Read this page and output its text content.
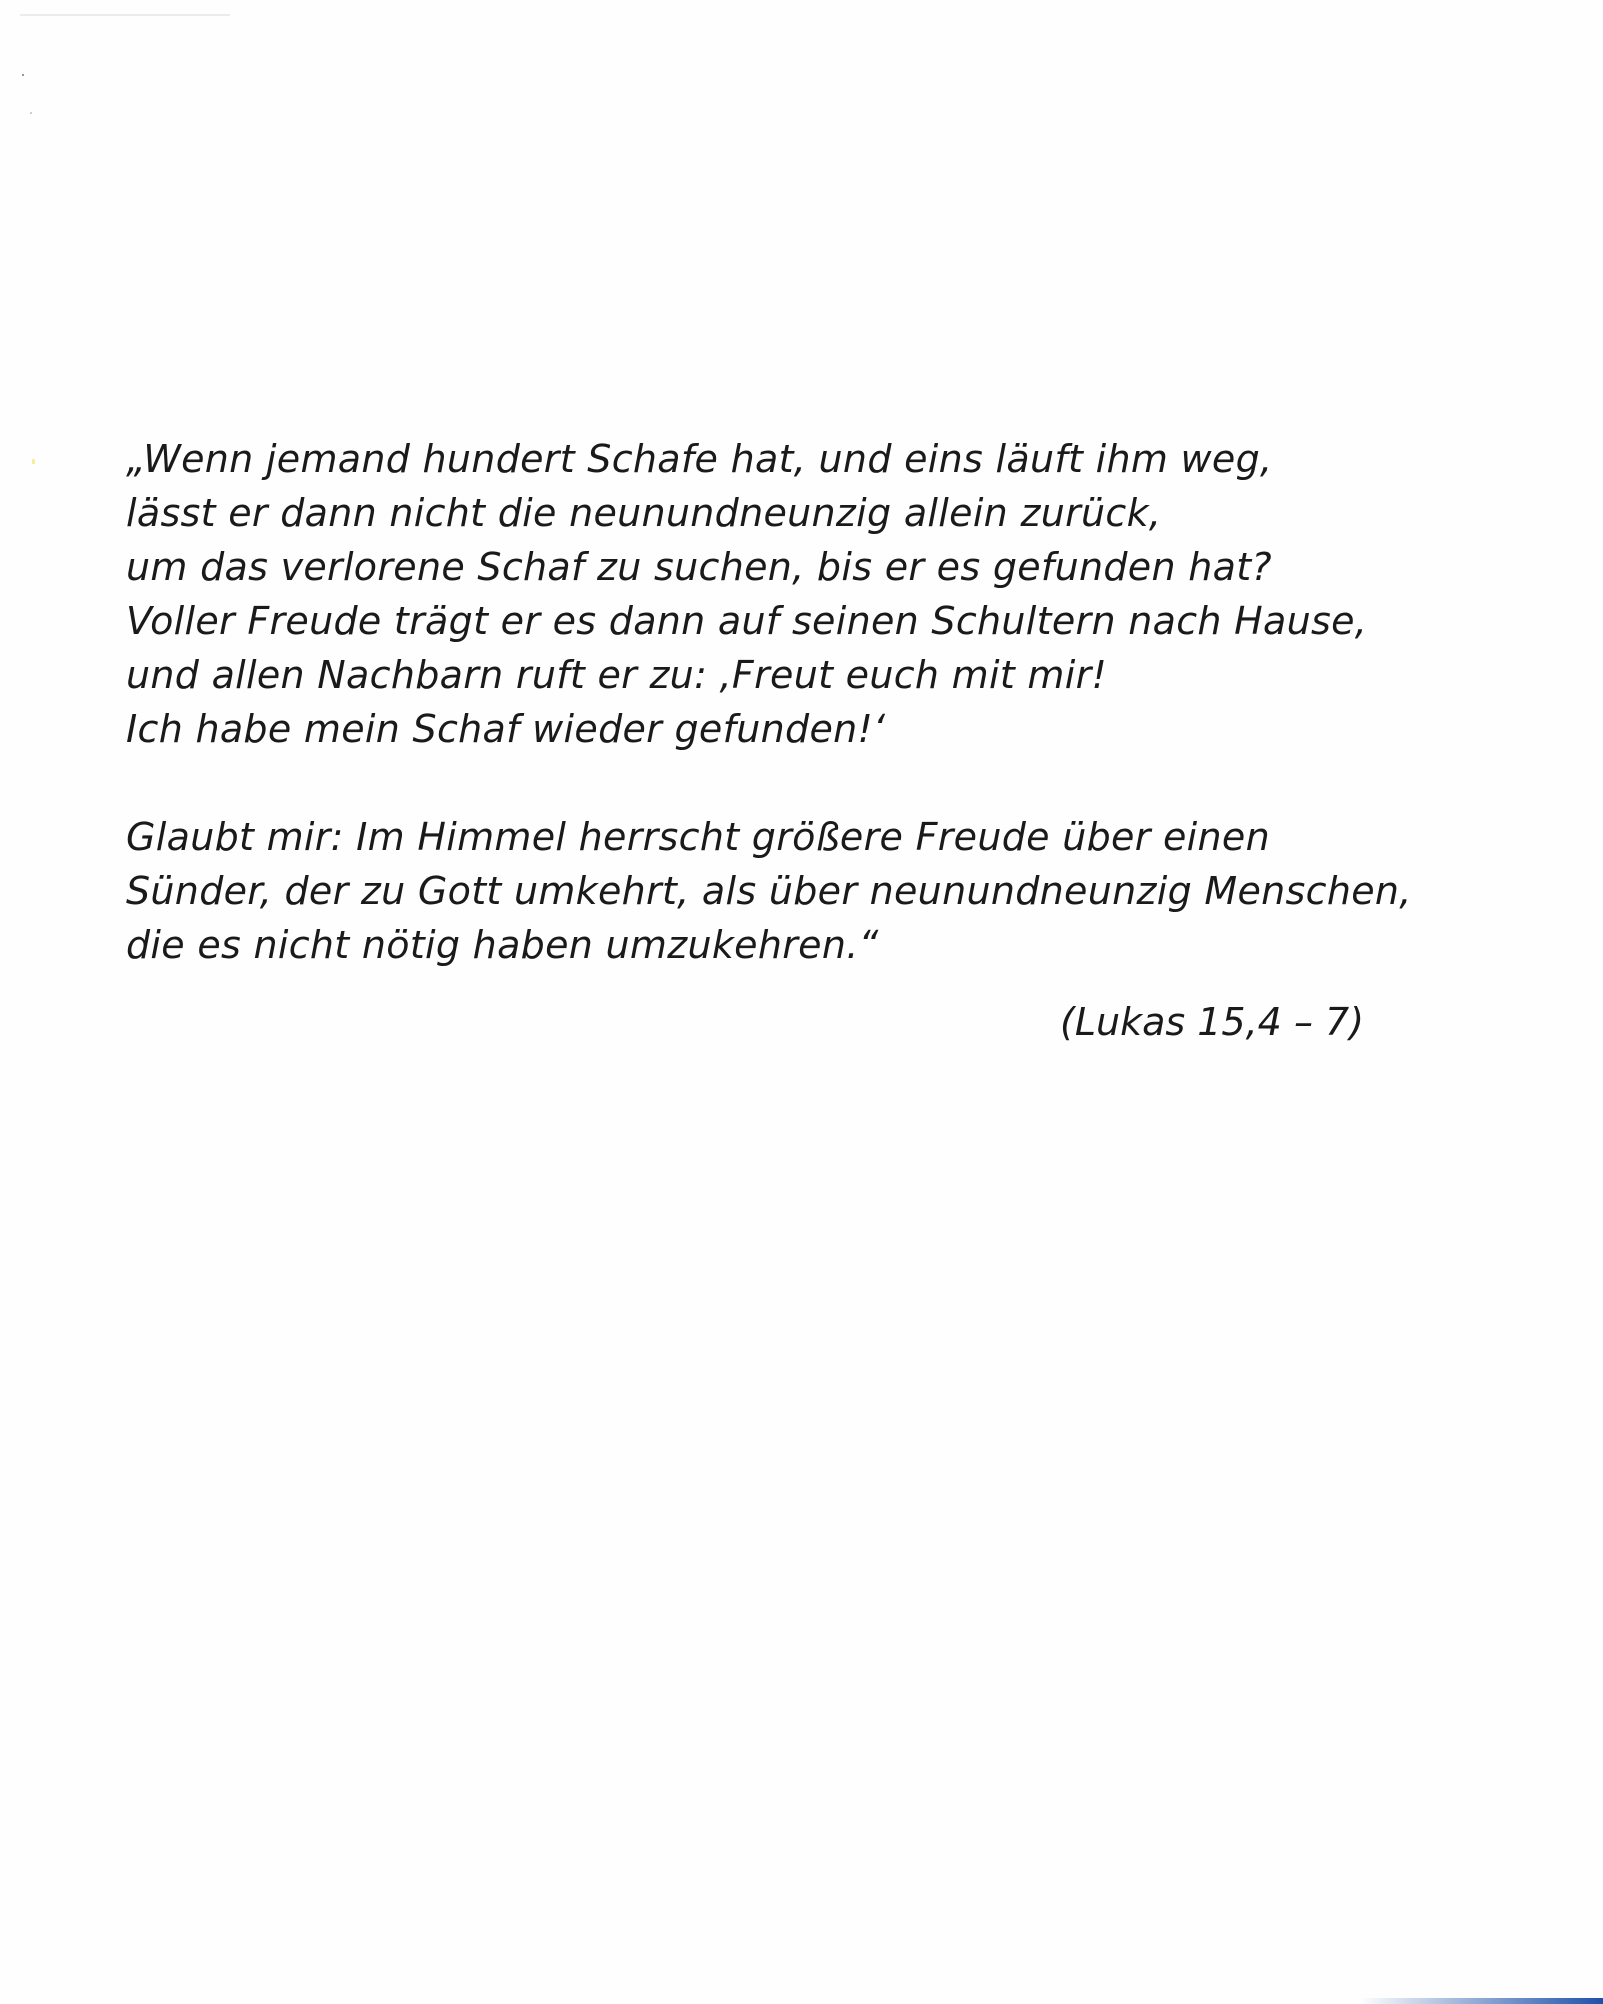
„Wenn jemand hundert Schafe hat, und eins läuft ihm weg,
lässt er dann nicht die neunundneunzig allein zurück,
um das verlorene Schaf zu suchen, bis er es gefunden hat?
Voller Freude trägt er es dann auf seinen Schultern nach Hause,
und allen Nachbarn ruft er zu: ‚Freut euch mit mir!
Ich habe mein Schaf wieder gefunden!‘

Glaubt mir: Im Himmel herrscht größere Freude über einen
Sünder, der zu Gott umkehrt, als über neunundneunzig Menschen,
die es nicht nötig haben umzukehren.“

(Lukas 15,4 – 7)
